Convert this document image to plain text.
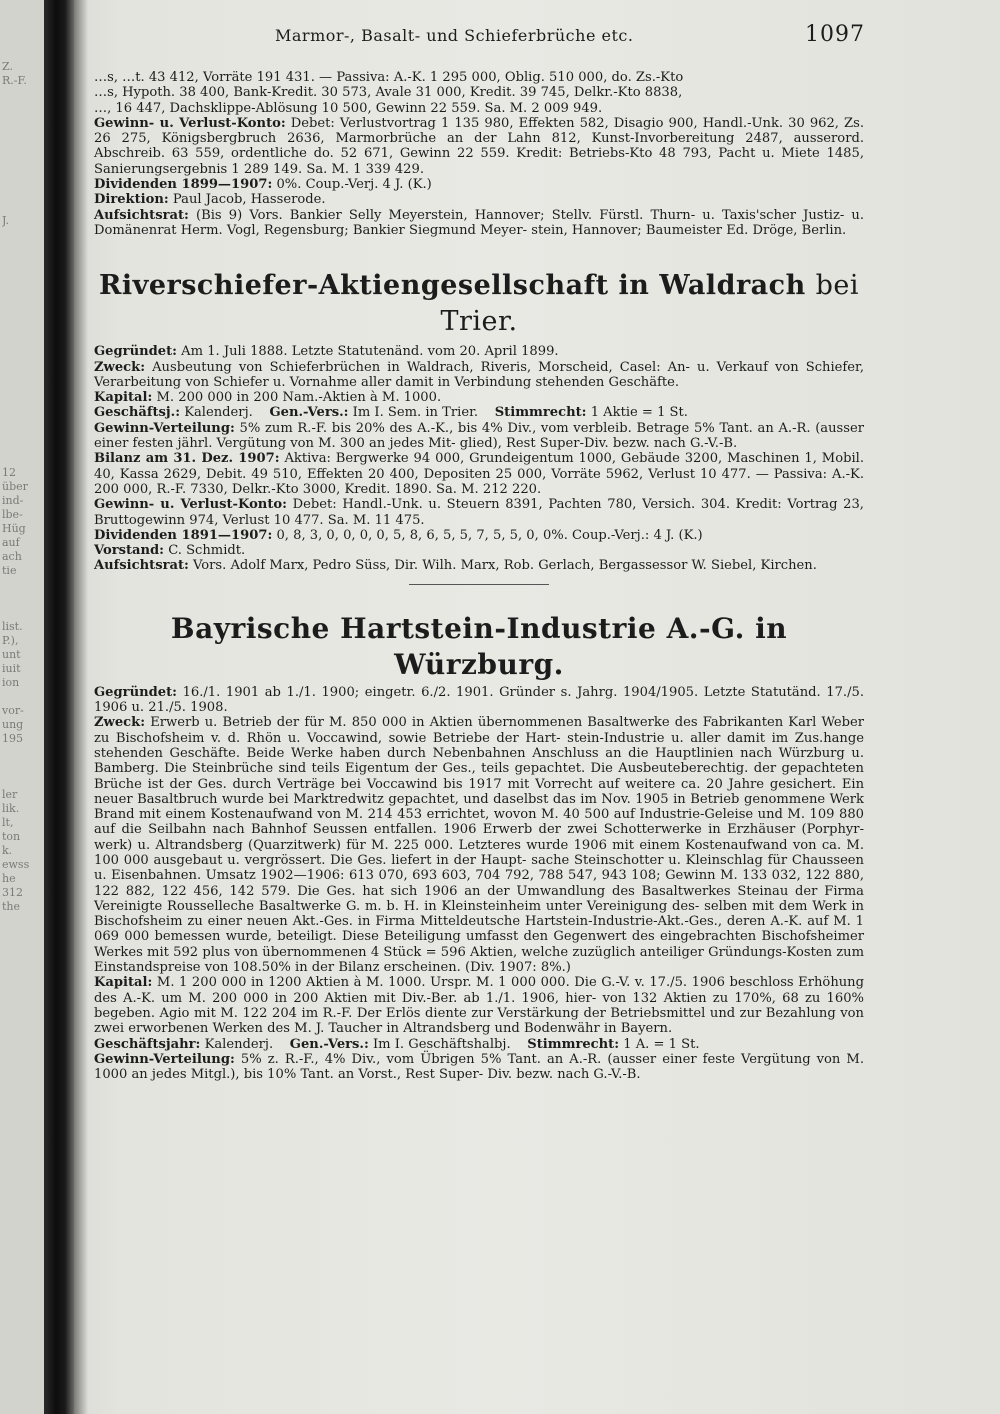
Z.
R.-F.
J.
12
über
ind-
lbe-
Hüg
auf
ach
tie
list.
P.),
unt
iuit
ion
vor-
ung
195
ler
lik.
lt,
ton
k.
ewss
he
312
the
Marmor-, Basalt- und Schieferbrüche etc.	1097

…s, …t. 43 412, Vorräte 191 431. — Passiva: A.-K. 1 295 000, Oblig. 510 000, do. Zs.-Kto

…s, Hypoth. 38 400, Bank-Kredit. 30 573, Avale 31 000, Kredit. 39 745, Delkr.-Kto 8838,

…, 16 447, Dachsklippe-Ablösung 10 500, Gewinn 22 559. Sa. M. 2 009 949.

Gewinn- u. Verlust-Konto: Debet: Verlustvortrag 1 135 980, Effekten 582, Disagio 900, Handl.-Unk. 30 962, Zs. 26 275, Königsbergbruch 2636, Marmorbrüche an der Lahn 812, Kunst-Invorbereitung 2487, ausserord. Abschreib. 63 559, ordentliche do. 52 671, Gewinn 22 559. Kredit: Betriebs-Kto 48 793, Pacht u. Miete 1485, Sanierungsergebnis 1 289 149. Sa. M. 1 339 429.

Dividenden 1899—1907: 0%. Coup.-Verj. 4 J. (K.)

Direktion: Paul Jacob, Hasserode.

Aufsichtsrat: (Bis 9) Vors. Bankier Selly Meyerstein, Hannover; Stellv. Fürstl. Thurn- u. Taxis'scher Justiz- u. Domänenrat Herm. Vogl, Regensburg; Bankier Siegmund Meyer- stein, Hannover; Baumeister Ed. Dröge, Berlin.

Riverschiefer-Aktiengesellschaft in Waldrach bei Trier.

Gegründet: Am 1. Juli 1888. Letzte Statutenänd. vom 20. April 1899.

Zweck: Ausbeutung von Schieferbrüchen in Waldrach, Riveris, Morscheid, Casel: An- u. Verkauf von Schiefer, Verarbeitung von Schiefer u. Vornahme aller damit in Verbindung stehenden Geschäfte.

Kapital: M. 200 000 in 200 Nam.-Aktien à M. 1000.

Geschäftsj.: Kalenderj. Gen.-Vers.: Im I. Sem. in Trier. Stimmrecht: 1 Aktie = 1 St.

Gewinn-Verteilung: 5% zum R.-F. bis 20% des A.-K., bis 4% Div., vom verbleib. Betrage 5% Tant. an A.-R. (ausser einer festen jährl. Vergütung von M. 300 an jedes Mit- glied), Rest Super-Div. bezw. nach G.-V.-B.

Bilanz am 31. Dez. 1907: Aktiva: Bergwerke 94 000, Grundeigentum 1000, Gebäude 3200, Maschinen 1, Mobil. 40, Kassa 2629, Debit. 49 510, Effekten 20 400, Depositen 25 000, Vorräte 5962, Verlust 10 477. — Passiva: A.-K. 200 000, R.-F. 7330, Delkr.-Kto 3000, Kredit. 1890. Sa. M. 212 220.

Gewinn- u. Verlust-Konto: Debet: Handl.-Unk. u. Steuern 8391, Pachten 780, Versich. 304. Kredit: Vortrag 23, Bruttogewinn 974, Verlust 10 477. Sa. M. 11 475.

Dividenden 1891—1907: 0, 8, 3, 0, 0, 0, 0, 5, 8, 6, 5, 5, 7, 5, 5, 0, 0%. Coup.-Verj.: 4 J. (K.)

Vorstand: C. Schmidt.

Aufsichtsrat: Vors. Adolf Marx, Pedro Süss, Dir. Wilh. Marx, Rob. Gerlach, Bergassessor W. Siebel, Kirchen.

Bayrische Hartstein-Industrie A.-G. in Würzburg.

Gegründet: 16./1. 1901 ab 1./1. 1900; eingetr. 6./2. 1901. Gründer s. Jahrg. 1904/1905. Letzte Statutänd. 17./5. 1906 u. 21./5. 1908.

Zweck: Erwerb u. Betrieb der für M. 850 000 in Aktien übernommenen Basaltwerke des Fabrikanten Karl Weber zu Bischofsheim v. d. Rhön u. Voccawind, sowie Betriebe der Hart- stein-Industrie u. aller damit im Zus.hange stehenden Geschäfte. Beide Werke haben durch Nebenbahnen Anschluss an die Hauptlinien nach Würzburg u. Bamberg. Die Steinbrüche sind teils Eigentum der Ges., teils gepachtet. Die Ausbeuteberechtig. der gepachteten Brüche ist der Ges. durch Verträge bei Voccawind bis 1917 mit Vorrecht auf weitere ca. 20 Jahre gesichert. Ein neuer Basaltbruch wurde bei Marktredwitz gepachtet, und daselbst das im Nov. 1905 in Betrieb genommene Werk Brand mit einem Kostenaufwand von M. 214 453 errichtet, wovon M. 40 500 auf Industrie-Geleise und M. 109 880 auf die Seilbahn nach Bahnhof Seussen entfallen. 1906 Erwerb der zwei Schotterwerke in Erzhäuser (Porphyr- werk) u. Altrandsberg (Quarzitwerk) für M. 225 000. Letzteres wurde 1906 mit einem Kostenaufwand von ca. M. 100 000 ausgebaut u. vergrössert. Die Ges. liefert in der Haupt- sache Steinschotter u. Kleinschlag für Chausseen u. Eisenbahnen. Umsatz 1902—1906: 613 070, 693 603, 704 792, 788 547, 943 108; Gewinn M. 133 032, 122 880, 122 882, 122 456, 142 579. Die Ges. hat sich 1906 an der Umwandlung des Basaltwerkes Steinau der Firma Vereinigte Rousselleche Basaltwerke G. m. b. H. in Kleinsteinheim unter Vereinigung des- selben mit dem Werk in Bischofsheim zu einer neuen Akt.-Ges. in Firma Mitteldeutsche Hartstein-Industrie-Akt.-Ges., deren A.-K. auf M. 1 069 000 bemessen wurde, beteiligt. Diese Beteiligung umfasst den Gegenwert des eingebrachten Bischofsheimer Werkes mit 592 plus von übernommenen 4 Stück = 596 Aktien, welche zuzüglich anteiliger Gründungs-Kosten zum Einstandspreise von 108.50% in der Bilanz erscheinen. (Div. 1907: 8%.)

Kapital: M. 1 200 000 in 1200 Aktien à M. 1000. Urspr. M. 1 000 000. Die G.-V. v. 17./5. 1906 beschloss Erhöhung des A.-K. um M. 200 000 in 200 Aktien mit Div.-Ber. ab 1./1. 1906, hier- von 132 Aktien zu 170%, 68 zu 160% begeben. Agio mit M. 122 204 im R.-F. Der Erlös diente zur Verstärkung der Betriebsmittel und zur Bezahlung von zwei erworbenen Werken des M. J. Taucher in Altrandsberg und Bodenwähr in Bayern.

Geschäftsjahr: Kalenderj. Gen.-Vers.: Im I. Geschäftshalbj. Stimmrecht: 1 A. = 1 St.

Gewinn-Verteilung: 5% z. R.-F., 4% Div., vom Übrigen 5% Tant. an A.-R. (ausser einer feste Vergütung von M. 1000 an jedes Mitgl.), bis 10% Tant. an Vorst., Rest Super- Div. bezw. nach G.-V.-B.
